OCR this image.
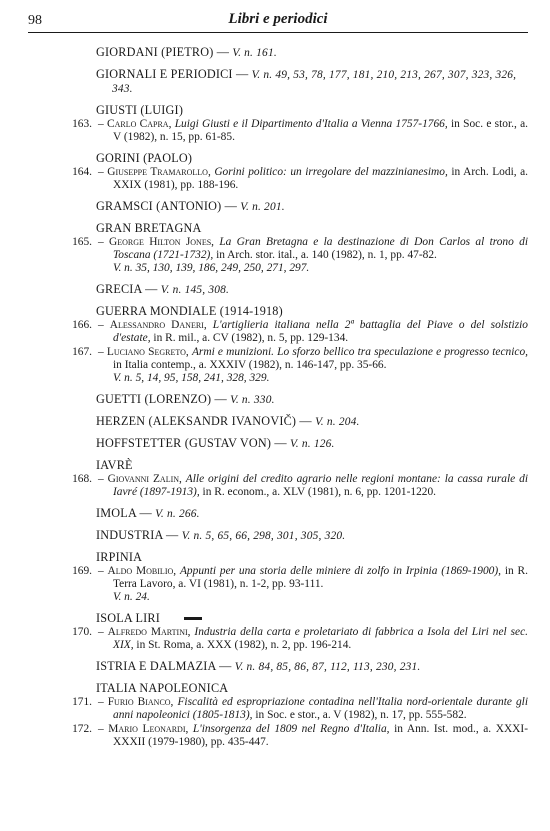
98	Libri e periodici
GIORDANI (PIETRO) — V. n. 161.
GIORNALI E PERIODICI — V. n. 49, 53, 78, 177, 181, 210, 213, 267, 307, 323, 326, 343.
GIUSTI (LUIGI)
163. – Carlo Capra, Luigi Giusti e il Dipartimento d'Italia a Vienna 1757-1766, in Soc. e stor., a. V (1982), n. 15, pp. 61-85.
GORINI (PAOLO)
164. – Giuseppe Tramarollo, Gorini politico: un irregolare del mazzinianesimo, in Arch. Lodi, a. XXIX (1981), pp. 188-196.
GRAMSCI (ANTONIO) — V. n. 201.
GRAN BRETAGNA
165. – George Hilton Jones, La Gran Bretagna e la destinazione di Don Carlos al trono di Toscana (1721-1732), in Arch. stor. ital., a. 140 (1982), n. 1, pp. 47-82.
V. n. 35, 130, 139, 186, 249, 250, 271, 297.
GRECIA — V. n. 145, 308.
GUERRA MONDIALE (1914-1918)
166. – Alessandro Daneri, L'artiglieria italiana nella 2ª battaglia del Piave o del solstizio d'estate, in R. mil., a. CV (1982), n. 5, pp. 129-134.
167. – Luciano Segreto, Armi e munizioni. Lo sforzo bellico tra speculazione e progresso tecnico, in Italia contemp., a. XXXIV (1982), n. 146-147, pp. 35-66.
V. n. 5, 14, 95, 158, 241, 328, 329.
GUETTI (LORENZO) — V. n. 330.
HERZEN (ALEKSANDR IVANOVIČ) — V. n. 204.
HOFFSTETTER (GUSTAV VON) — V. n. 126.
IAVRÈ
168. – Giovanni Zalin, Alle origini del credito agrario nelle regioni montane: la cassa rurale di Iavré (1897-1913), in R. econom., a. XLV (1981), n. 6, pp. 1201-1220.
IMOLA — V. n. 266.
INDUSTRIA — V. n. 5, 65, 66, 298, 301, 305, 320.
IRPINIA
169. – Aldo Mobilio, Appunti per una storia delle miniere di zolfo in Irpinia (1869-1900), in R. Terra Lavoro, a. VI (1981), n. 1-2, pp. 93-111.
V. n. 24.
ISOLA LIRI
170. – Alfredo Martini, Industria della carta e proletariato di fabbrica a Isola del Liri nel sec. XIX, in St. Roma, a. XXX (1982), n. 2, pp. 196-214.
ISTRIA E DALMAZIA — V. n. 84, 85, 86, 87, 112, 113, 230, 231.
ITALIA NAPOLEONICA
171. – Furio Bianco, Fiscalità ed espropriazione contadina nell'Italia nord-orientale durante gli anni napoleonici (1805-1813), in Soc. e stor., a. V (1982), n. 17, pp. 555-582.
172. – Mario Leonardi, L'insorgenza del 1809 nel Regno d'Italia, in Ann. Ist. mod., a. XXXI-XXXII (1979-1980), pp. 435-447.
